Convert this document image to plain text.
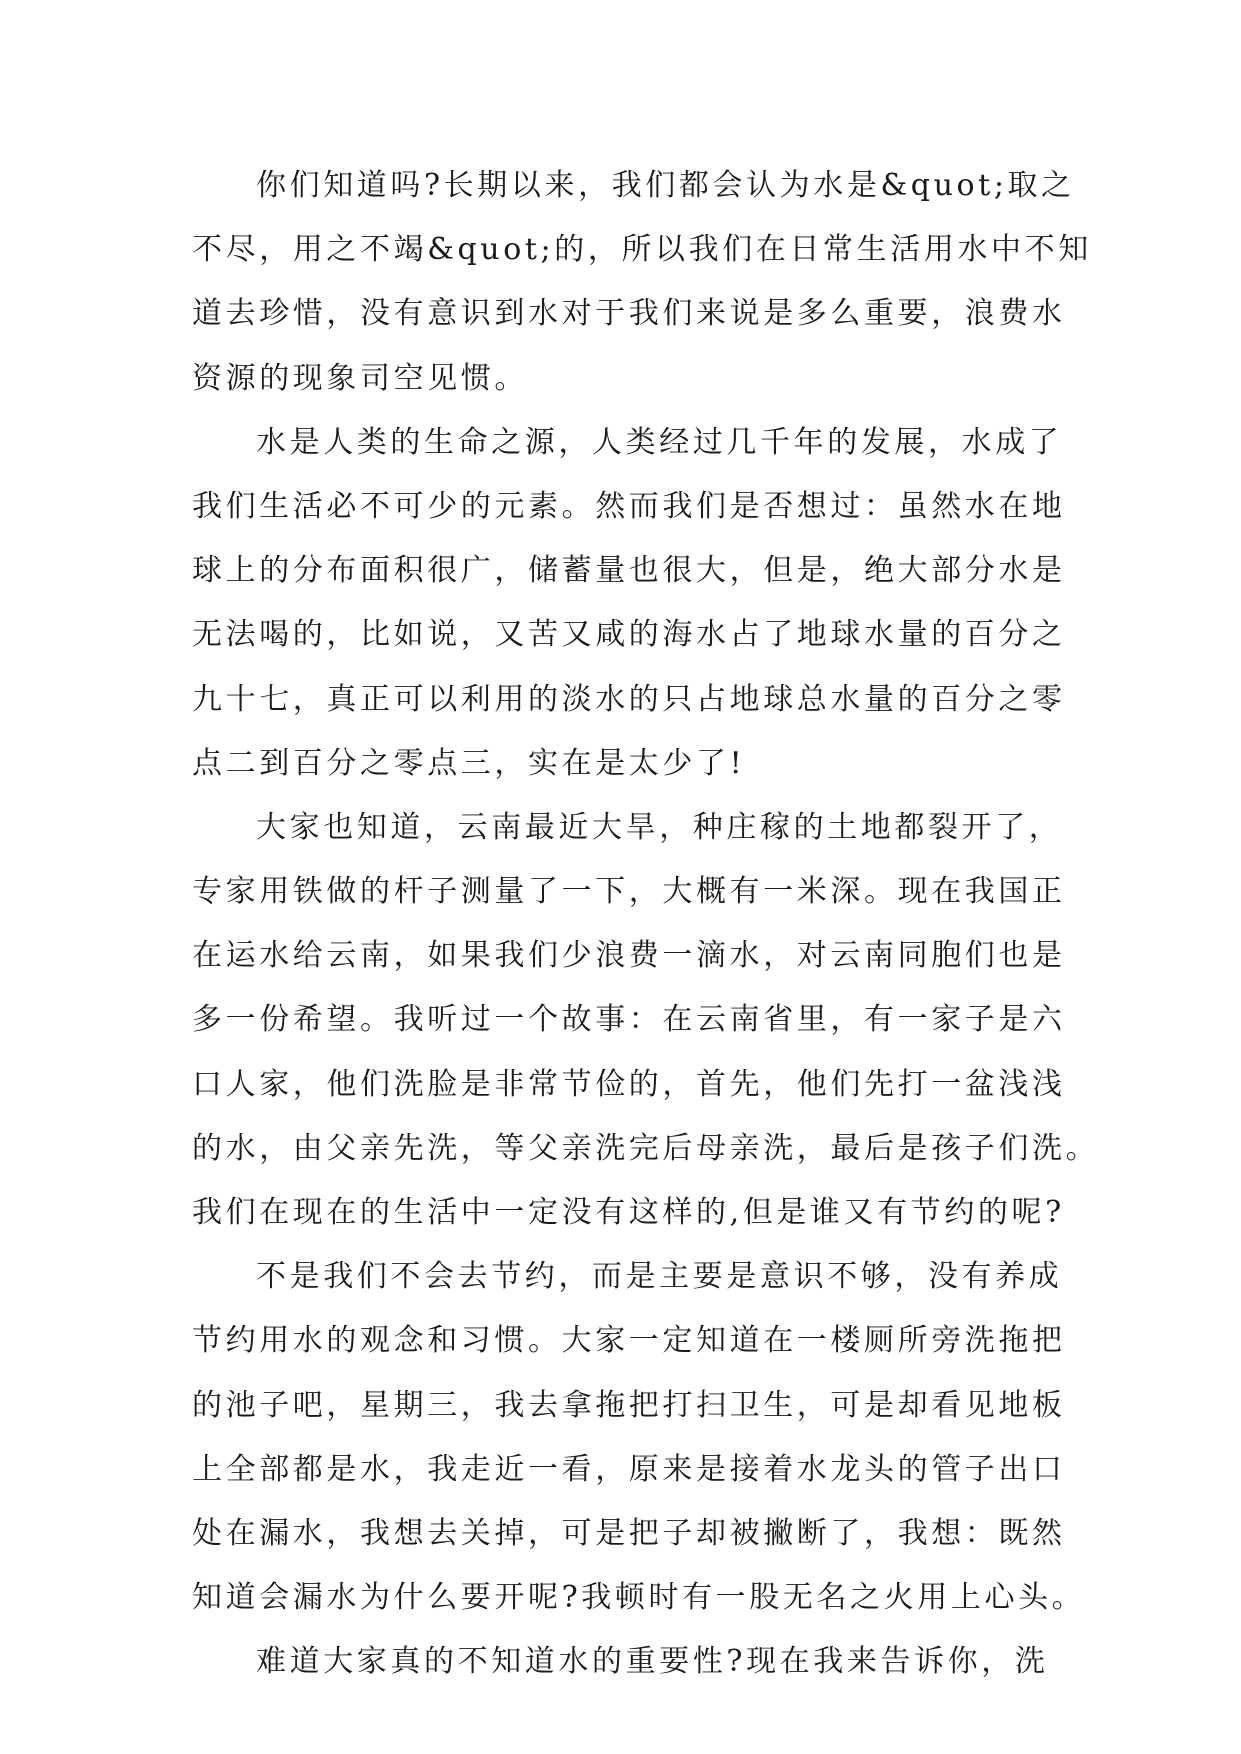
你们知道吗?长期以来，我们都会认为水是&quot;取之
不尽，用之不竭&quot;的，所以我们在日常生活用水中不知
道去珍惜，没有意识到水对于我们来说是多么重要，浪费水
资源的现象司空见惯。
水是人类的生命之源，人类经过几千年的发展，水成了
我们生活必不可少的元素。然而我们是否想过：虽然水在地
球上的分布面积很广，储蓄量也很大，但是，绝大部分水是
无法喝的，比如说，又苦又咸的海水占了地球水量的百分之
九十七，真正可以利用的淡水的只占地球总水量的百分之零
点二到百分之零点三，实在是太少了!
大家也知道，云南最近大旱，种庄稼的土地都裂开了，
专家用铁做的杆子测量了一下，大概有一米深。现在我国正
在运水给云南，如果我们少浪费一滴水，对云南同胞们也是
多一份希望。我听过一个故事：在云南省里，有一家子是六
口人家，他们洗脸是非常节俭的，首先，他们先打一盆浅浅
的水，由父亲先洗，等父亲洗完后母亲洗，最后是孩子们洗。
我们在现在的生活中一定没有这样的,但是谁又有节约的呢?
不是我们不会去节约，而是主要是意识不够，没有养成
节约用水的观念和习惯。大家一定知道在一楼厕所旁洗拖把
的池子吧，星期三，我去拿拖把打扫卫生，可是却看见地板
上全部都是水，我走近一看，原来是接着水龙头的管子出口
处在漏水，我想去关掉，可是把子却被撇断了，我想：既然
知道会漏水为什么要开呢?我顿时有一股无名之火用上心头。
难道大家真的不知道水的重要性?现在我来告诉你，洗
